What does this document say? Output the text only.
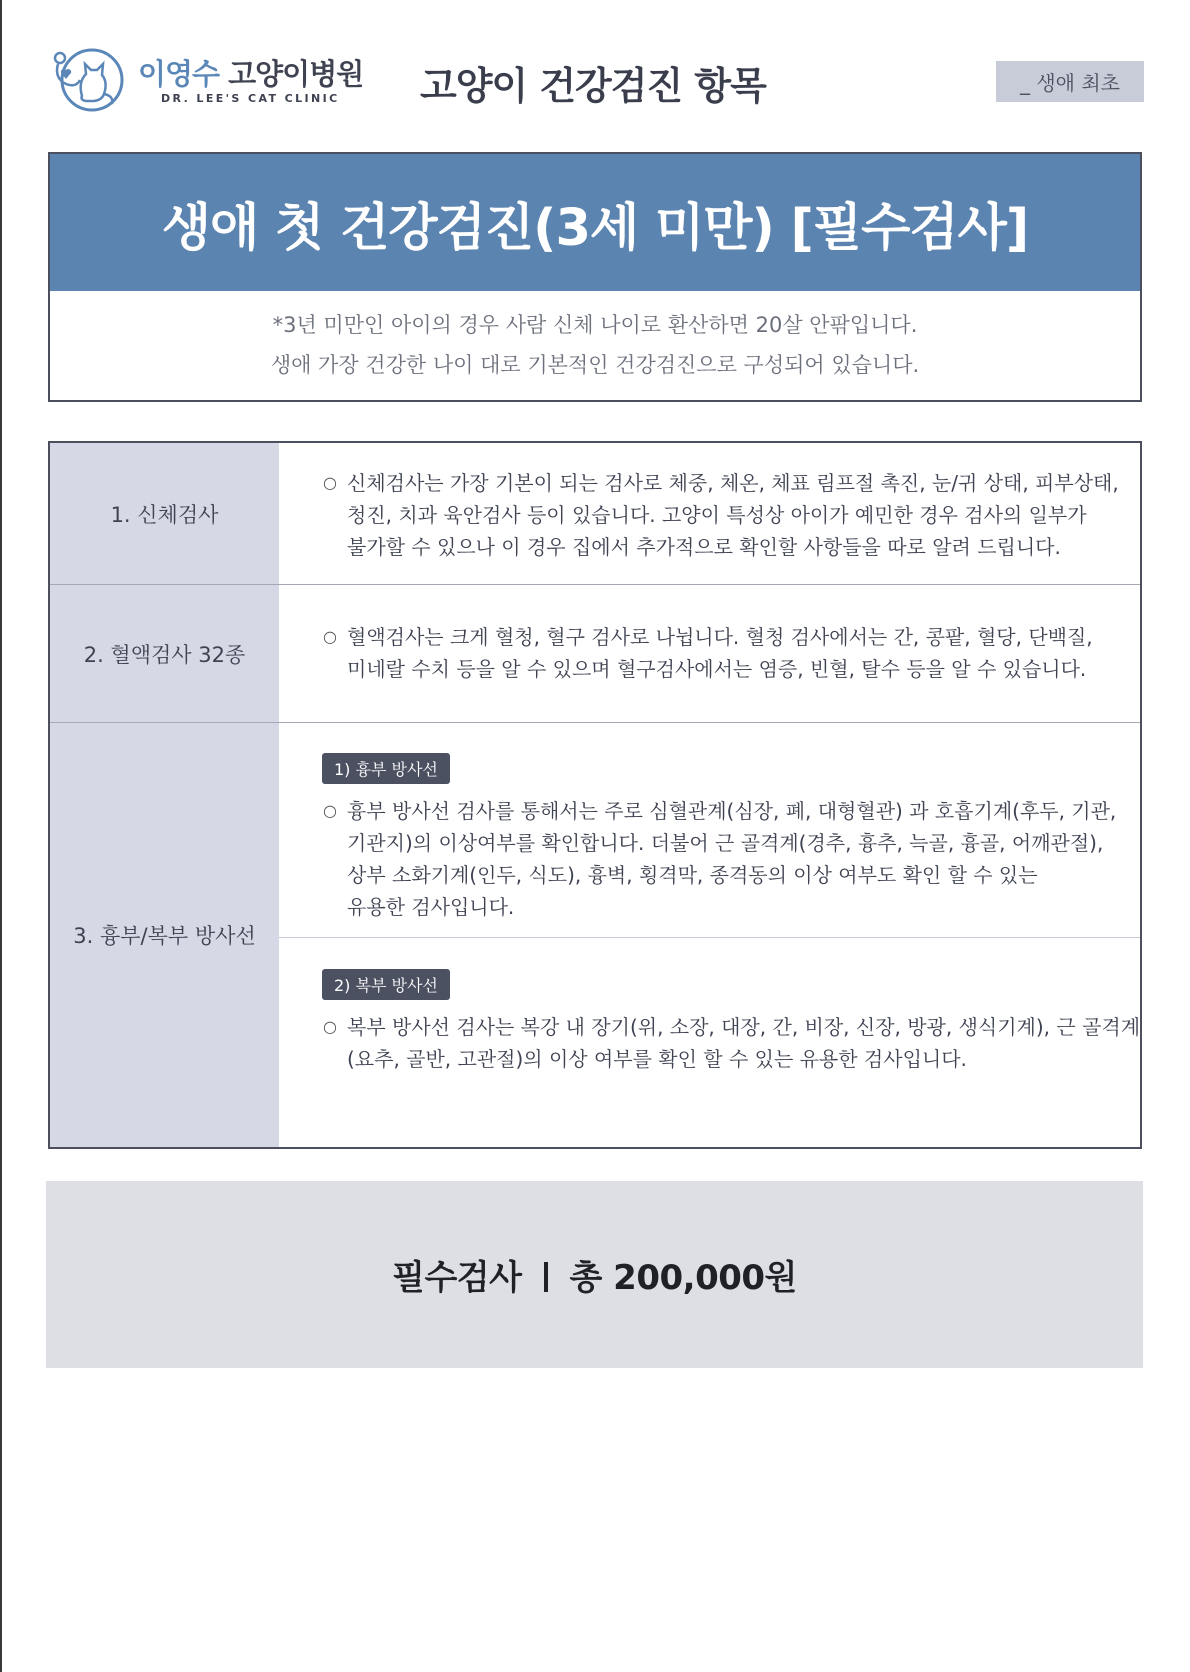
이영수 고양이병원
DR. LEE'S CAT CLINIC 고양이 건강검진 항목	_ 생애 최초
생애 첫 건강검진(3세 미만) [필수검사]
*3년 미만인 아이의 경우 사람 신체 나이로 환산하면 20살 안팎입니다.
생애 가장 건강한 나이 대로 기본적인 건강검진으로 구성되어 있습니다.
1. 신체검사
○ 신체검사는 가장 기본이 되는 검사로 체중, 체온, 체표 림프절 촉진, 눈/귀 상태, 피부상태,
청진, 치과 육안검사 등이 있습니다. 고양이 특성상 아이가 예민한 경우 검사의 일부가
불가할 수 있으나 이 경우 집에서 추가적으로 확인할 사항들을 따로 알려 드립니다.
2. 혈액검사 32종
○ 혈액검사는 크게 혈청, 혈구 검사로 나뉩니다. 혈청 검사에서는 간, 콩팥, 혈당, 단백질,
미네랄 수치 등을 알 수 있으며 혈구검사에서는 염증, 빈혈, 탈수 등을 알 수 있습니다.
3. 흉부/복부 방사선
1) 흉부 방사선
○ 흉부 방사선 검사를 통해서는 주로 심혈관계(심장, 폐, 대형혈관) 과 호흡기계(후두, 기관,
기관지)의 이상여부를 확인합니다. 더불어 근 골격계(경추, 흉추, 늑골, 흉골, 어깨관절),
상부 소화기계(인두, 식도), 흉벽, 횡격막, 종격동의 이상 여부도 확인 할 수 있는
유용한 검사입니다.
2) 복부 방사선
○ 복부 방사선 검사는 복강 내 장기(위, 소장, 대장, 간, 비장, 신장, 방광, 생식기계), 근 골격계
(요추, 골반, 고관절)의 이상 여부를 확인 할 수 있는 유용한 검사입니다.
필수검사 총 200,000원
